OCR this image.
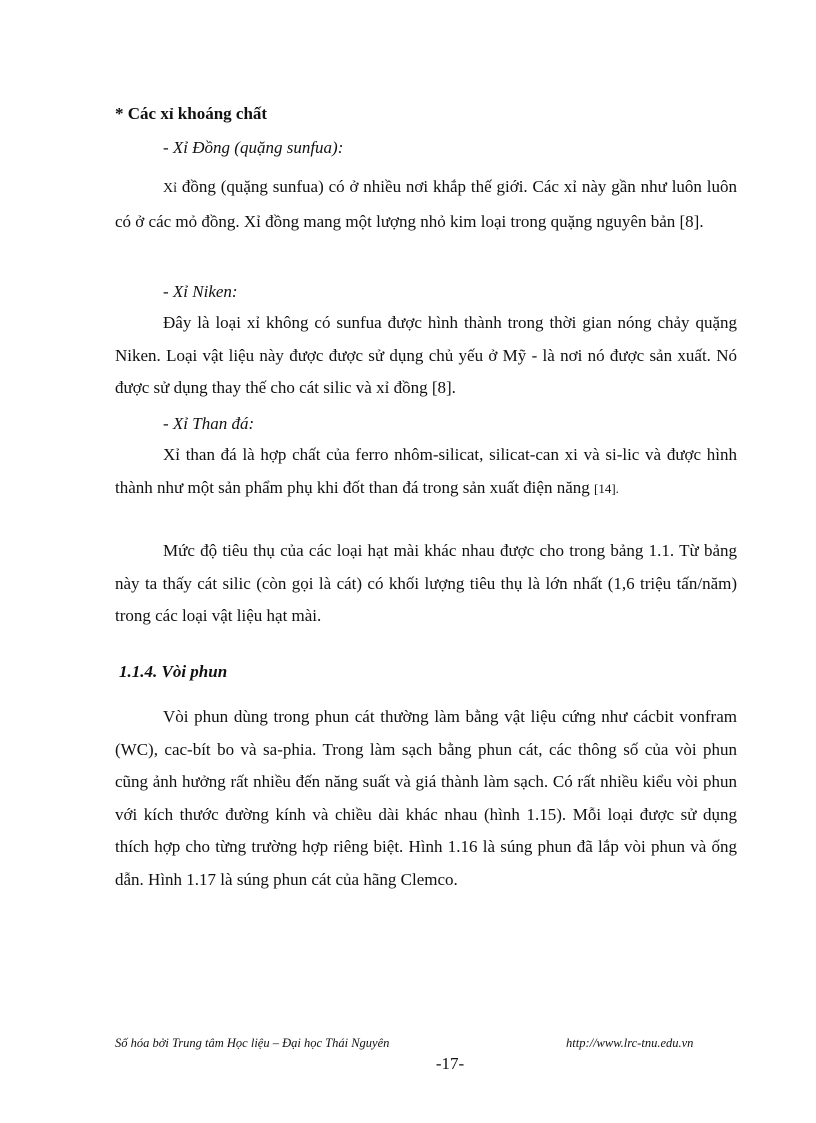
* Các xỉ khoáng chất
- Xỉ Đồng (quặng sunfua):

Xỉ đồng (quặng sunfua) có ở nhiều nơi khắp thế giới. Các xỉ này gần như luôn luôn có ở các mỏ đồng. Xỉ đồng mang một lượng nhỏ kim loại trong quặng nguyên bản [8].

- Xỉ Niken:

Đây là loại xỉ không có sunfua được hình thành trong thời gian nóng chảy quặng Niken. Loại vật liệu này được được sử dụng chủ yếu ở Mỹ - là nơi nó được sản xuất. Nó được sử dụng thay thế cho cát silic và xỉ đồng [8].

- Xỉ Than đá:

Xỉ than đá là hợp chất của ferro nhôm-silicat, silicat-can xi và si-lic và được hình thành như một sản phẩm phụ khi đốt than đá trong sản xuất điện năng [14].

Mức độ tiêu thụ của các loại hạt mài khác nhau được cho trong bảng 1.1. Từ bảng này ta thấy cát silic (còn gọi là cát) có khối lượng tiêu thụ là lớn nhất (1,6 triệu tấn/năm) trong các loại vật liệu hạt mài.

1.1.4. Vòi phun

Vòi phun dùng trong phun cát thường làm bằng vật liệu cứng như cácbit vonfram (WC), cac-bít bo và sa-phia. Trong làm sạch bằng phun cát, các thông số của vòi phun cũng ảnh hưởng rất nhiều đến năng suất và giá thành làm sạch. Có rất nhiều kiểu vòi phun với kích thước đường kính và chiều dài khác nhau (hình 1.15). Mỗi loại được sử dụng thích hợp cho từng trường hợp riêng biệt. Hình 1.16 là súng phun đã lắp vòi phun và ống dẫn. Hình 1.17 là súng phun cát của hãng Clemco.

Số hóa bởi Trung tâm Học liệu – Đại học Thái Nguyên	http://www.lrc-tnu.edu.vn
-17-
